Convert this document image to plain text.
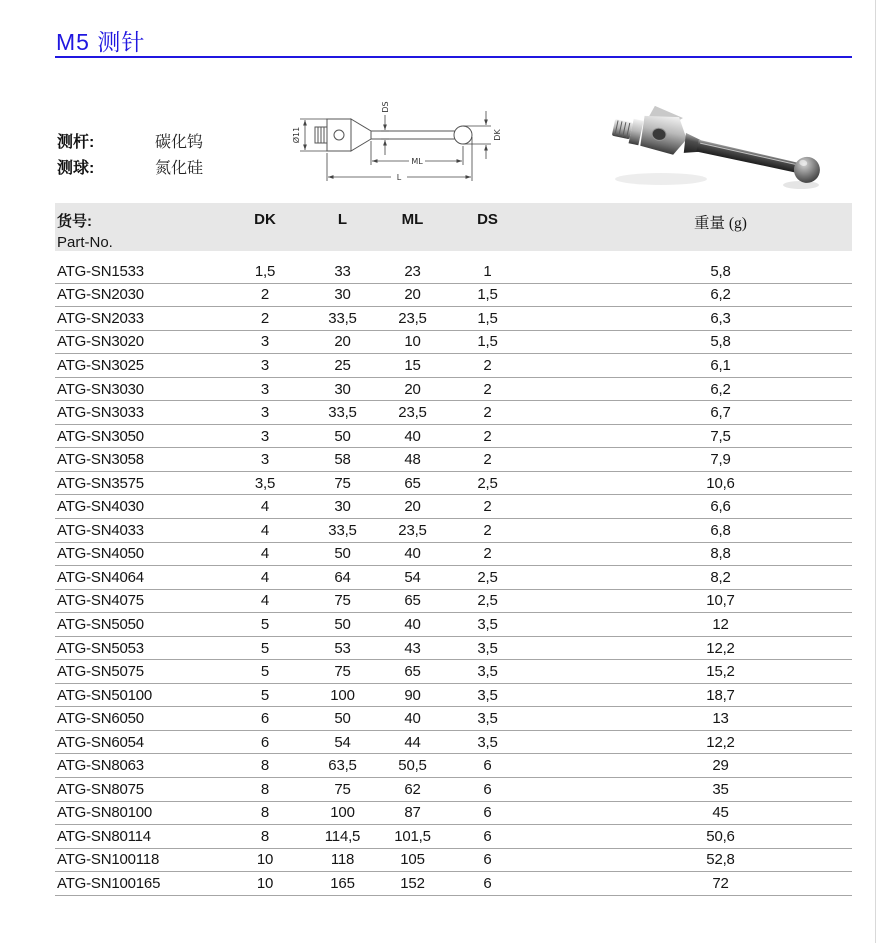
M5 测针
测杆:	碳化钨
测球:	氮化硅
Ø11
DS
DK
ML
L
货号:
Part-No.
DK	L	ML	DS	重量 (g)
ATG-SN1533	1,5	33	23	1	5,8
ATG-SN2030	2	30	20	1,5	6,2
ATG-SN2033	2	33,5	23,5	1,5	6,3
ATG-SN3020	3	20	10	1,5	5,8
ATG-SN3025	3	25	15	2	6,1
ATG-SN3030	3	30	20	2	6,2
ATG-SN3033	3	33,5	23,5	2	6,7
ATG-SN3050	3	50	40	2	7,5
ATG-SN3058	3	58	48	2	7,9
ATG-SN3575	3,5	75	65	2,5	10,6
ATG-SN4030	4	30	20	2	6,6
ATG-SN4033	4	33,5	23,5	2	6,8
ATG-SN4050	4	50	40	2	8,8
ATG-SN4064	4	64	54	2,5	8,2
ATG-SN4075	4	75	65	2,5	10,7
ATG-SN5050	5	50	40	3,5	12
ATG-SN5053	5	53	43	3,5	12,2
ATG-SN5075	5	75	65	3,5	15,2
ATG-SN50100	5	100	90	3,5	18,7
ATG-SN6050	6	50	40	3,5	13
ATG-SN6054	6	54	44	3,5	12,2
ATG-SN8063	8	63,5	50,5	6	29
ATG-SN8075	8	75	62	6	35
ATG-SN80100	8	100	87	6	45
ATG-SN80114	8	114,5	101,5	6	50,6
ATG-SN100118	10	118	105	6	52,8
ATG-SN100165	10	165	152	6	72
